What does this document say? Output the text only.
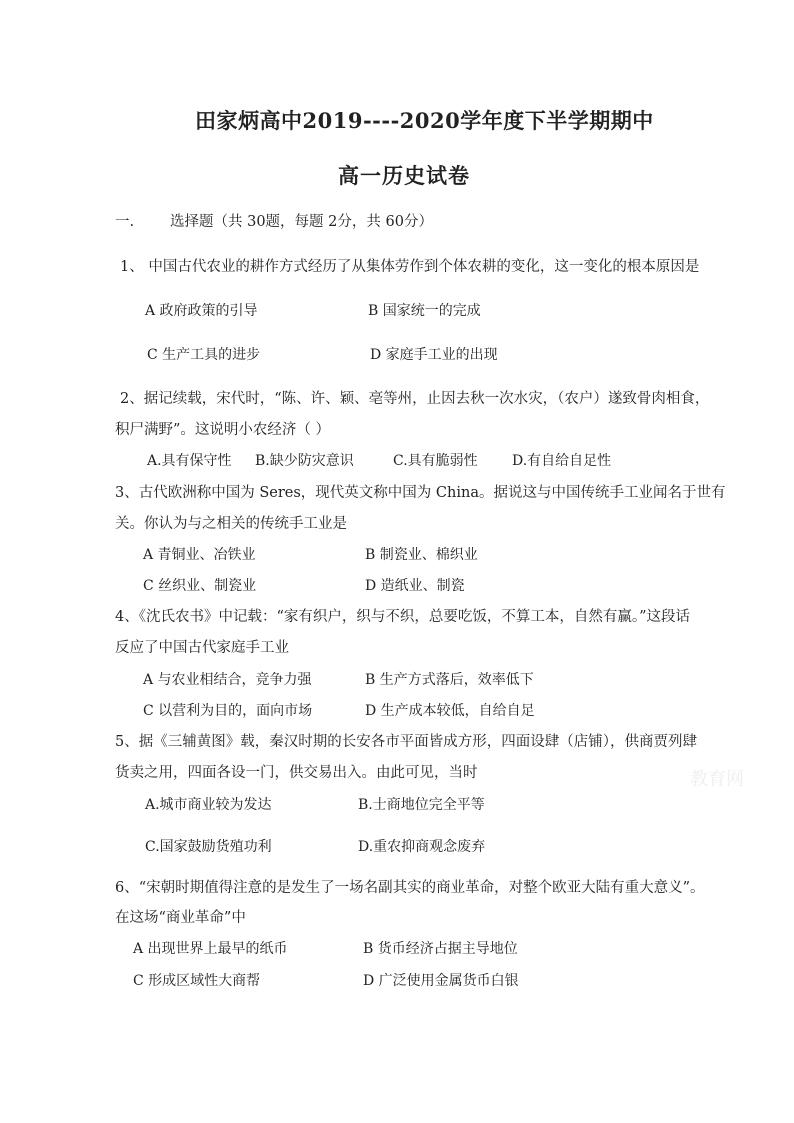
田家炳高中2019----2020学年度下半学期期中
高一历史试卷
一. 选择题（共 30题，每题 2分，共 60分）
1、 中国古代农业的耕作方式经历了从集体劳作到个体农耕的变化，这一变化的根本原因是
A 政府政策的引导	B 国家统一的完成
C 生产工具的进步	D 家庭手工业的出现
2、据记续载，宋代时，“陈、许、颖、亳等州，止因去秋一次水灾，（农户）遂致骨肉相食，
积尸满野”。这说明小农经济（ ）
A.具有保守性 B.缺少防灾意识	C.具有脆弱性 D.有自给自足性
3、古代欧洲称中国为 Seres，现代英文称中国为 China。据说这与中国传统手工业闻名于世有
关。你认为与之相关的传统手工业是
A 青铜业、冶铁业	B 制瓷业、棉织业
C 丝织业、制瓷业	D 造纸业、制瓷
4、《沈氏农书》中记载：“家有织户，织与不织，总要吃饭，不算工本，自然有赢。”这段话
反应了中国古代家庭手工业
A 与农业相结合，竞争力强	B 生产方式落后，效率低下
C 以营利为目的，面向市场	D 生产成本较低，自给自足
5、据《三辅黄图》载，秦汉时期的长安各市平面皆成方形，四面设肆（店铺），供商贾列肆
货卖之用，四面各设一门，供交易出入。由此可见，当时	教育网
A.城市商业较为发达	B.士商地位完全平等
C.国家鼓励货殖功利	D.重农抑商观念废弃
6、“宋朝时期值得注意的是发生了一场名副其实的商业革命，对整个欧亚大陆有重大意义”。
在这场“商业革命”中
A 出现世界上最早的纸币	B 货币经济占据主导地位
C 形成区域性大商帮	D 广泛使用金属货币白银
